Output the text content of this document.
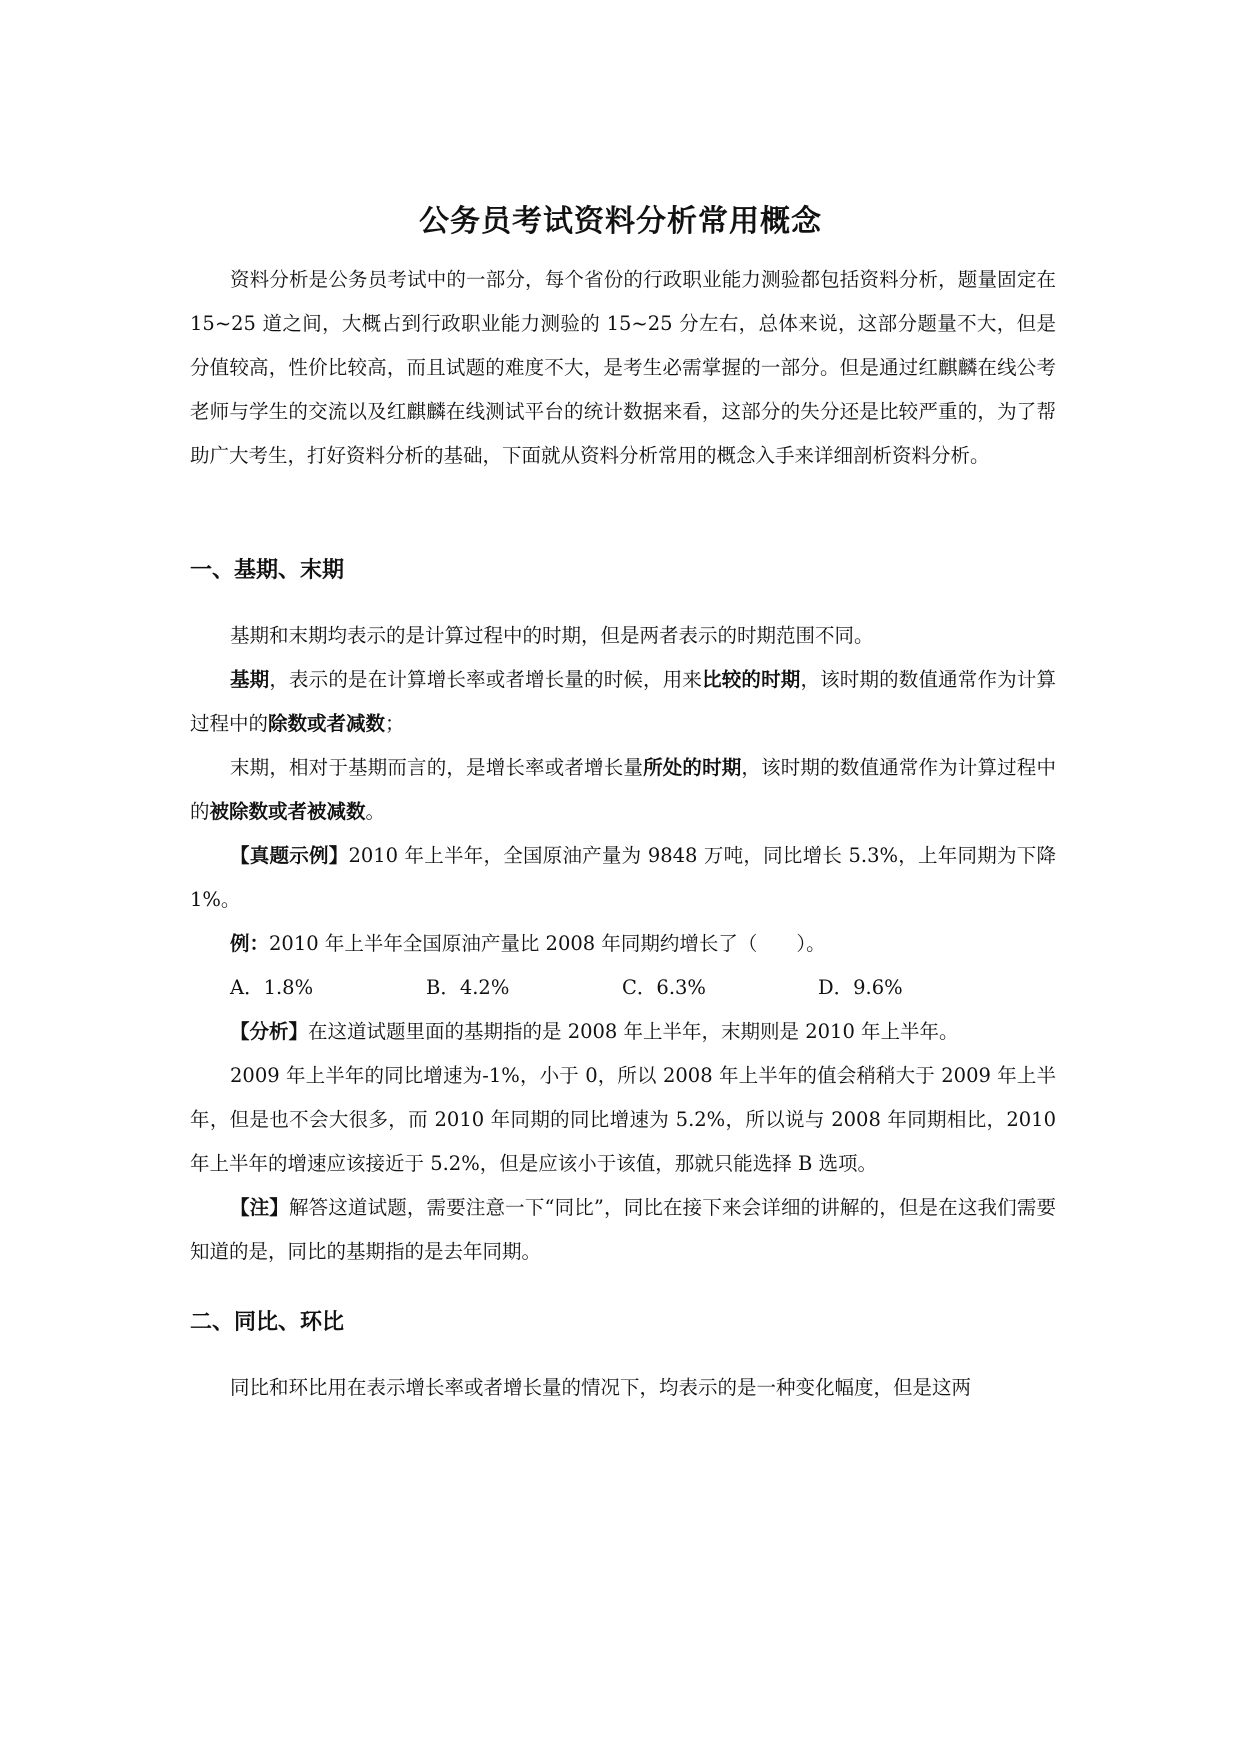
公务员考试资料分析常用概念
资料分析是公务员考试中的一部分，每个省份的行政职业能力测验都包括资料分析，题量固定在 15~25 道之间，大概占到行政职业能力测验的 15~25 分左右，总体来说，这部分题量不大，但是分值较高，性价比较高，而且试题的难度不大，是考生必需掌握的一部分。但是通过红麒麟在线公考老师与学生的交流以及红麒麟在线测试平台的统计数据来看，这部分的失分还是比较严重的，为了帮助广大考生，打好资料分析的基础，下面就从资料分析常用的概念入手来详细剖析资料分析。
一、基期、末期
基期和末期均表示的是计算过程中的时期，但是两者表示的时期范围不同。
基期，表示的是在计算增长率或者增长量的时候，用来比较的时期，该时期的数值通常作为计算过程中的除数或者减数；
末期，相对于基期而言的，是增长率或者增长量所处的时期，该时期的数值通常作为计算过程中的被除数或者被减数。
【真题示例】2010 年上半年，全国原油产量为 9848 万吨，同比增长 5.3%，上年同期为下降 1%。
例：2010 年上半年全国原油产量比 2008 年同期约增长了（　　）。
A．1.8%	B．4.2%	C．6.3%	D．9.6%
【分析】在这道试题里面的基期指的是 2008 年上半年，末期则是 2010 年上半年。
2009 年上半年的同比增速为-1%，小于 0，所以 2008 年上半年的值会稍稍大于 2009 年上半年，但是也不会大很多，而 2010 年同期的同比增速为 5.2%，所以说与 2008 年同期相比，2010 年上半年的增速应该接近于 5.2%，但是应该小于该值，那就只能选择 B 选项。
【注】解答这道试题，需要注意一下“同比”，同比在接下来会详细的讲解的，但是在这我们需要知道的是，同比的基期指的是去年同期。
二、同比、环比
同比和环比用在表示增长率或者增长量的情况下，均表示的是一种变化幅度，但是这两
